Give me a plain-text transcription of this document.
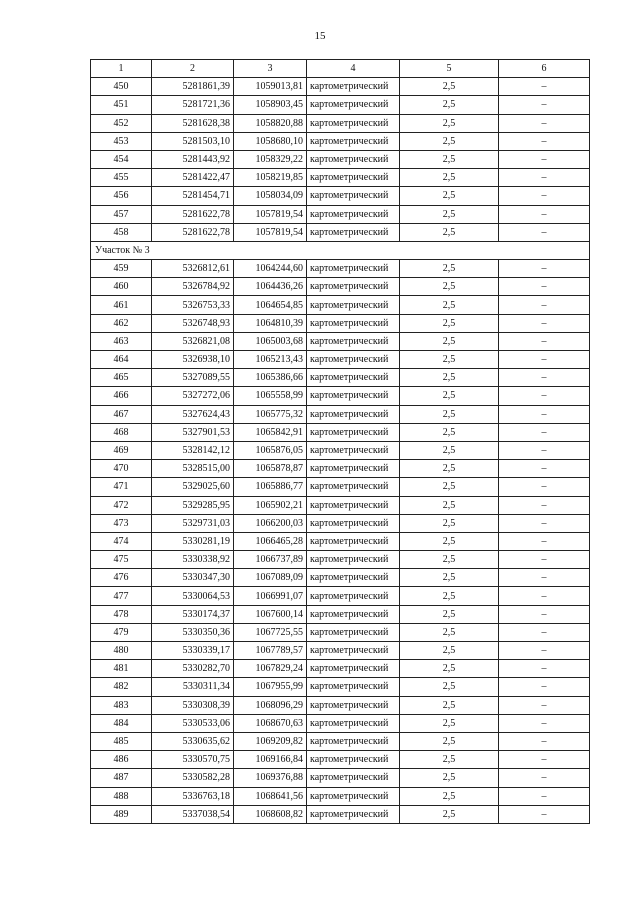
15
1	2	3	4	5	6
450	5281861,39	1059013,81	картометрический	2,5	–
451	5281721,36	1058903,45	картометрический	2,5	–
452	5281628,38	1058820,88	картометрический	2,5	–
453	5281503,10	1058680,10	картометрический	2,5	–
454	5281443,92	1058329,22	картометрический	2,5	–
455	5281422,47	1058219,85	картометрический	2,5	–
456	5281454,71	1058034,09	картометрический	2,5	–
457	5281622,78	1057819,54	картометрический	2,5	–
458	5281622,78	1057819,54	картометрический	2,5	–
Участок № 3					
459	5326812,61	1064244,60	картометрический	2,5	–
460	5326784,92	1064436,26	картометрический	2,5	–
461	5326753,33	1064654,85	картометрический	2,5	–
462	5326748,93	1064810,39	картометрический	2,5	–
463	5326821,08	1065003,68	картометрический	2,5	–
464	5326938,10	1065213,43	картометрический	2,5	–
465	5327089,55	1065386,66	картометрический	2,5	–
466	5327272,06	1065558,99	картометрический	2,5	–
467	5327624,43	1065775,32	картометрический	2,5	–
468	5327901,53	1065842,91	картометрический	2,5	–
469	5328142,12	1065876,05	картометрический	2,5	–
470	5328515,00	1065878,87	картометрический	2,5	–
471	5329025,60	1065886,77	картометрический	2,5	–
472	5329285,95	1065902,21	картометрический	2,5	–
473	5329731,03	1066200,03	картометрический	2,5	–
474	5330281,19	1066465,28	картометрический	2,5	–
475	5330338,92	1066737,89	картометрический	2,5	–
476	5330347,30	1067089,09	картометрический	2,5	–
477	5330064,53	1066991,07	картометрический	2,5	–
478	5330174,37	1067600,14	картометрический	2,5	–
479	5330350,36	1067725,55	картометрический	2,5	–
480	5330339,17	1067789,57	картометрический	2,5	–
481	5330282,70	1067829,24	картометрический	2,5	–
482	5330311,34	1067955,99	картометрический	2,5	–
483	5330308,39	1068096,29	картометрический	2,5	–
484	5330533,06	1068670,63	картометрический	2,5	–
485	5330635,62	1069209,82	картометрический	2,5	–
486	5330570,75	1069166,84	картометрический	2,5	–
487	5330582,28	1069376,88	картометрический	2,5	–
488	5336763,18	1068641,56	картометрический	2,5	–
489	5337038,54	1068608,82	картометрический	2,5	–
